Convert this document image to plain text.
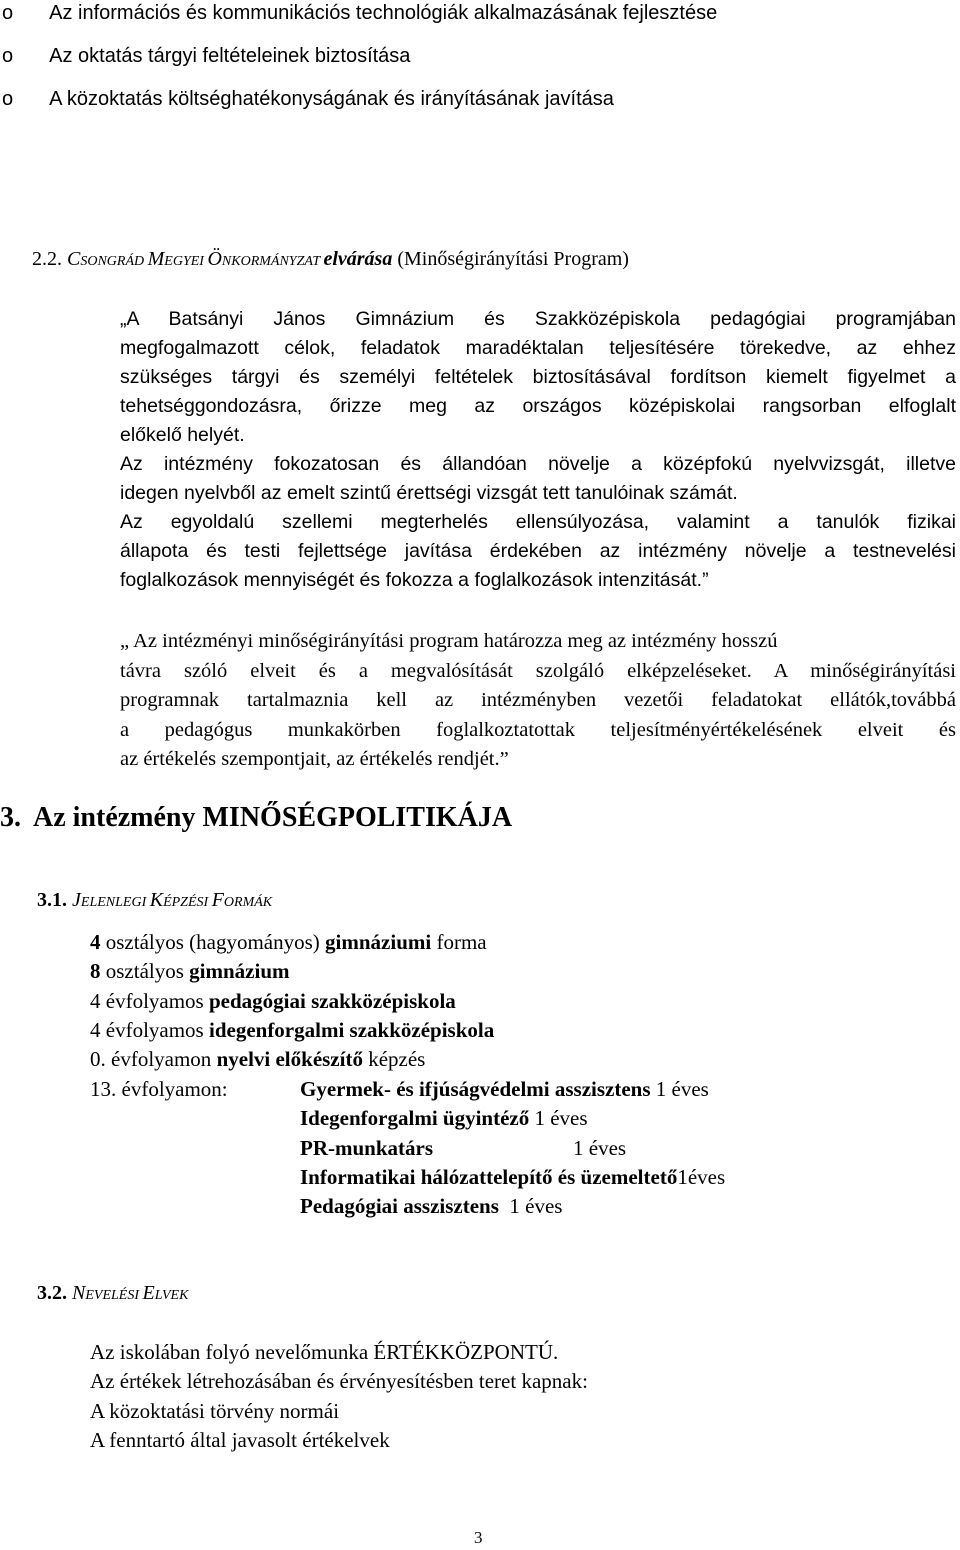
o Az információs és kommunikációs technológiák alkalmazásának fejlesztése
o Az oktatás tárgyi feltételeinek biztosítása
o A közoktatás költséghatékonyságának és irányításának javítása
2.2. CSONGRÁD MEGYEI ÖNKORMÁNYZAT elvárása (Minőségirányítási Program)
„A Batsányi János Gimnázium és Szakközépiskola pedagógiai programjában
megfogalmazott célok, feladatok maradéktalan teljesítésére törekedve, az ehhez
szükséges tárgyi és személyi feltételek biztosításával fordítson kiemelt figyelmet a
tehetséggondozásra, őrizze meg az országos középiskolai rangsorban elfoglalt
előkelő helyét.
Az intézmény fokozatosan és állandóan növelje a középfokú nyelvvizsgát, illetve
idegen nyelvből az emelt szintű érettségi vizsgát tett tanulóinak számát.
Az egyoldalú szellemi megterhelés ellensúlyozása, valamint a tanulók fizikai
állapota és testi fejlettsége javítása érdekében az intézmény növelje a testnevelési
foglalkozások mennyiségét és fokozza a foglalkozások intenzitását.”
„ Az intézményi minőségirányítási program határozza meg az intézmény hosszú
távra szóló elveit és a megvalósítását szolgáló elképzeléseket. A minőségirányítási
programnak tartalmaznia kell az intézményben vezetői feladatokat ellátók,továbbá
a pedagógus munkakörben foglalkoztatottak teljesítményértékelésének elveit és
az értékelés szempontjait, az értékelés rendjét.”
3. Az intézmény MINŐSÉGPOLITIKÁJA
3.1. JELENLEGI KÉPZÉSI FORMÁK
4 osztályos (hagyományos) gimnáziumi forma
8 osztályos gimnázium
4 évfolyamos pedagógiai szakközépiskola
4 évfolyamos idegenforgalmi szakközépiskola
0. évfolyamon nyelvi előkészítő képzés
13. évfolyamon:	Gyermek- és ifjúságvédelmi asszisztens 1 éves
Idegenforgalmi ügyintéző 1 éves
PR-munkatárs	1 éves
Informatikai hálózattelepítő és üzemeltető1éves
Pedagógiai asszisztens  1 éves
3.2. NEVELÉSI ELVEK
Az iskolában folyó nevelőmunka ÉRTÉKKÖZPONTÚ.
Az értékek létrehozásában és érvényesítésben teret kapnak:
A közoktatási törvény normái
A fenntartó által javasolt értékelvek
3
